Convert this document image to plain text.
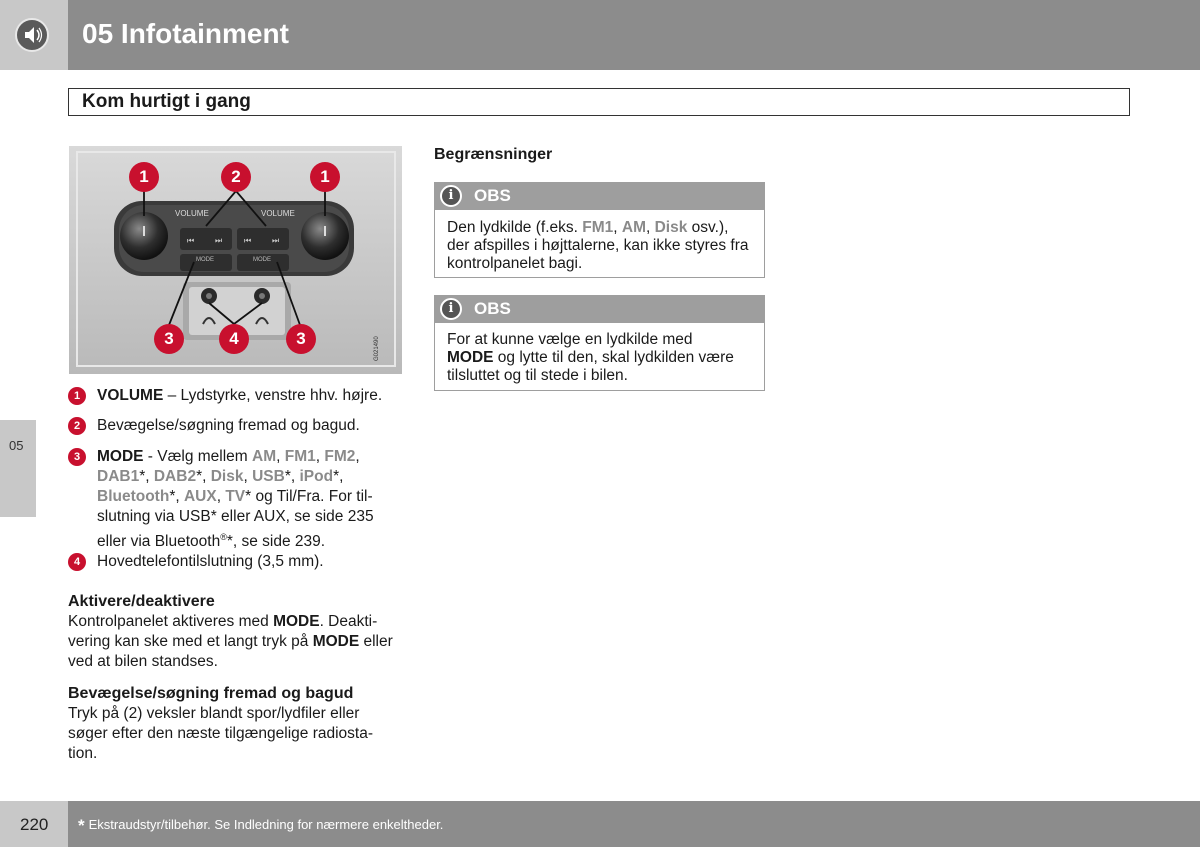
05 Infotainment
Kom hurtigt i gang
05
⏮	⏭	⏮	⏭
VOLUME	VOLUME
MODE	MODE
1	2	1
3	4	3	G021490
1	VOLUME – Lydstyrke, venstre hhv. højre.
2	Bevægelse/søgning fremad og bagud.
3	MODE - Vælg mellem AM, FM1, FM2,
DAB1*, DAB2*, Disk, USB*, iPod*,
Bluetooth*, AUX, TV* og Til/Fra. For til-
slutning via USB* eller AUX, se side 235
eller via Bluetooth®*, se side 239.
4	Hovedtelefontilslutning (3,5 mm).
Aktivere/deaktivere
Kontrolpanelet aktiveres med MODE. Deakti-
vering kan ske med et langt tryk på MODE eller
ved at bilen standses.
Bevægelse/søgning fremad og bagud
Tryk på (2) veksler blandt spor/lydfiler eller
søger efter den næste tilgængelige radiosta-
tion.
Begrænsninger
Den lydkilde (f.eks. FM1, AM, Disk osv.),
der afspilles i højttalerne, kan ikke styres fra
kontrolpanelet bagi.
i	OBS
For at kunne vælge en lydkilde med
MODE og lytte til den, skal lydkilden være
tilsluttet og til stede i bilen.
i	OBS
220 * Ekstraudstyr/tilbehør. Se Indledning for nærmere enkeltheder.
